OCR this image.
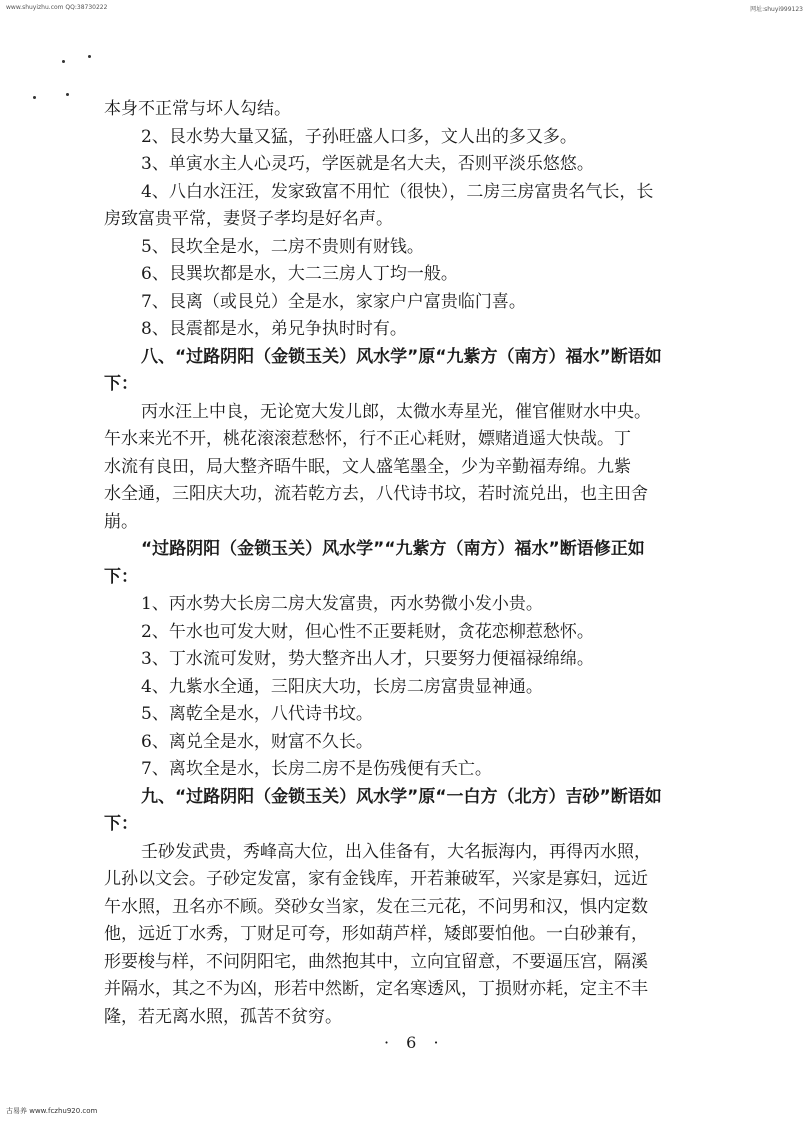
www.shuyizhu.com QQ:38730222	网址:shuyi999123

本身不正常与坏人勾结。

2、艮水势大量又猛，子孙旺盛人口多，文人出的多又多。

3、单寅水主人心灵巧，学医就是名大夫，否则平淡乐悠悠。

4、八白水汪汪，发家致富不用忙（很快），二房三房富贵名气长，长

房致富贵平常，妻贤子孝均是好名声。

5、艮坎全是水，二房不贵则有财钱。

6、艮巽坎都是水，大二三房人丁均一般。

7、艮离（或艮兑）全是水，家家户户富贵临门喜。

8、艮震都是水，弟兄争执时时有。

八、“过路阴阳（金锁玉关）风水学”原“九紫方（南方）福水”断语如

下：

丙水汪上中良，无论宽大发儿郎，太微水寿星光，催官催财水中央。

午水来光不开，桃花滚滚惹愁怀，行不正心耗财，嫖赌逍遥大快哉。丁

水流有良田，局大整齐晤牛眠，文人盛笔墨全，少为辛勤福寿绵。九紫

水全通，三阳庆大功，流若乾方去，八代诗书坟，若时流兑出，也主田舍

崩。

“过路阴阳（金锁玉关）风水学”“九紫方（南方）福水”断语修正如

下：

1、丙水势大长房二房大发富贵，丙水势微小发小贵。

2、午水也可发大财，但心性不正要耗财，贪花恋柳惹愁怀。

3、丁水流可发财，势大整齐出人才，只要努力便福禄绵绵。

4、九紫水全通，三阳庆大功，长房二房富贵显神通。

5、离乾全是水，八代诗书坟。

6、离兑全是水，财富不久长。

7、离坎全是水，长房二房不是伤残便有夭亡。

九、“过路阴阳（金锁玉关）风水学”原“一白方（北方）吉砂”断语如

下：

壬砂发武贵，秀峰高大位，出入佳备有，大名振海内，再得丙水照，

儿孙以文会。子砂定发富，家有金钱库，开若兼破军，兴家是寡妇，远近

午水照，丑名亦不顾。癸砂女当家，发在三元花，不问男和汉，惧内定数

他，远近丁水秀，丁财足可夸，形如葫芦样，矮郎要怕他。一白砂兼有，

形要梭与样，不问阴阳宅，曲然抱其中，立向宜留意，不要逼压宫，隔溪

并隔水，其之不为凶，形若中然断，定名寒透风，丁损财亦耗，定主不丰

隆，若无离水照，孤苦不贫穷。

· 6 ·
古易养 www.fczhu920.com
